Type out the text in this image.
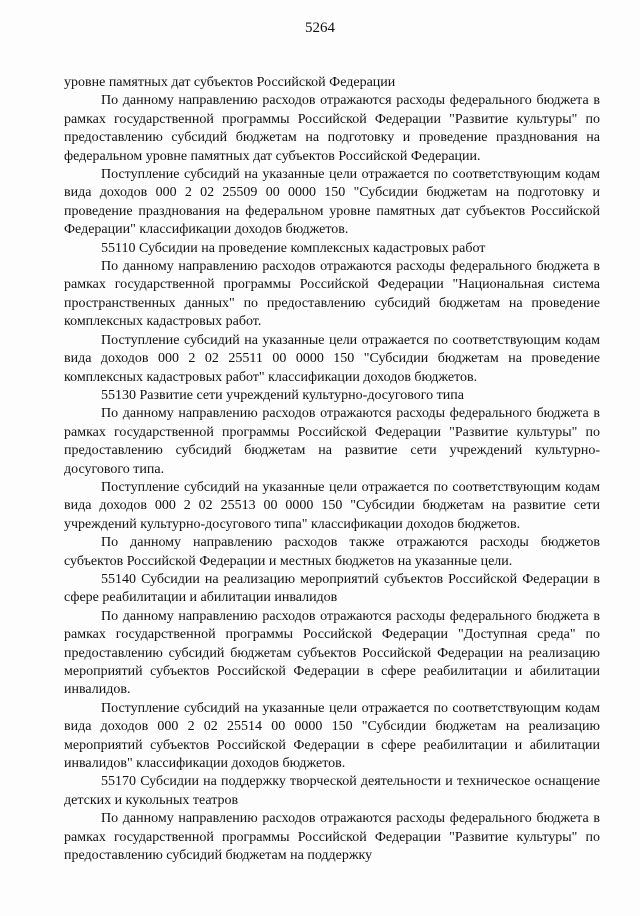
5264

уровне памятных дат субъектов Российской Федерации

По данному направлению расходов отражаются расходы федерального бюджета в рамках государственной программы Российской Федерации "Развитие культуры" по предоставлению субсидий бюджетам на подготовку и проведение празднования на федеральном уровне памятных дат субъектов Российской Федерации.

Поступление субсидий на указанные цели отражается по соответствующим кодам вида доходов 000 2 02 25509 00 0000 150 "Субсидии бюджетам на подготовку и проведение празднования на федеральном уровне памятных дат субъектов Российской Федерации" классификации доходов бюджетов.

55110 Субсидии на проведение комплексных кадастровых работ

По данному направлению расходов отражаются расходы федерального бюджета в рамках государственной программы Российской Федерации "Национальная система пространственных данных" по предоставлению субсидий бюджетам на проведение комплексных кадастровых работ.

Поступление субсидий на указанные цели отражается по соответствующим кодам вида доходов 000 2 02 25511 00 0000 150 "Субсидии бюджетам на проведение комплексных кадастровых работ" классификации доходов бюджетов.

55130 Развитие сети учреждений культурно-досугового типа

По данному направлению расходов отражаются расходы федерального бюджета в рамках государственной программы Российской Федерации "Развитие культуры" по предоставлению субсидий бюджетам на развитие сети учреждений культурно-досугового типа.

Поступление субсидий на указанные цели отражается по соответствующим кодам вида доходов 000 2 02 25513 00 0000 150 "Субсидии бюджетам на развитие сети учреждений культурно-досугового типа" классификации доходов бюджетов.

По данному направлению расходов также отражаются расходы бюджетов субъектов Российской Федерации и местных бюджетов на указанные цели.

55140 Субсидии на реализацию мероприятий субъектов Российской Федерации в сфере реабилитации и абилитации инвалидов

По данному направлению расходов отражаются расходы федерального бюджета в рамках государственной программы Российской Федерации "Доступная среда" по предоставлению субсидий бюджетам субъектов Российской Федерации на реализацию мероприятий субъектов Российской Федерации в сфере реабилитации и абилитации инвалидов.

Поступление субсидий на указанные цели отражается по соответствующим кодам вида доходов 000 2 02 25514 00 0000 150 "Субсидии бюджетам на реализацию мероприятий субъектов Российской Федерации в сфере реабилитации и абилитации инвалидов" классификации доходов бюджетов.

55170 Субсидии на поддержку творческой деятельности и техническое оснащение детских и кукольных театров

По данному направлению расходов отражаются расходы федерального бюджета в рамках государственной программы Российской Федерации "Развитие культуры" по предоставлению субсидий бюджетам на поддержку
